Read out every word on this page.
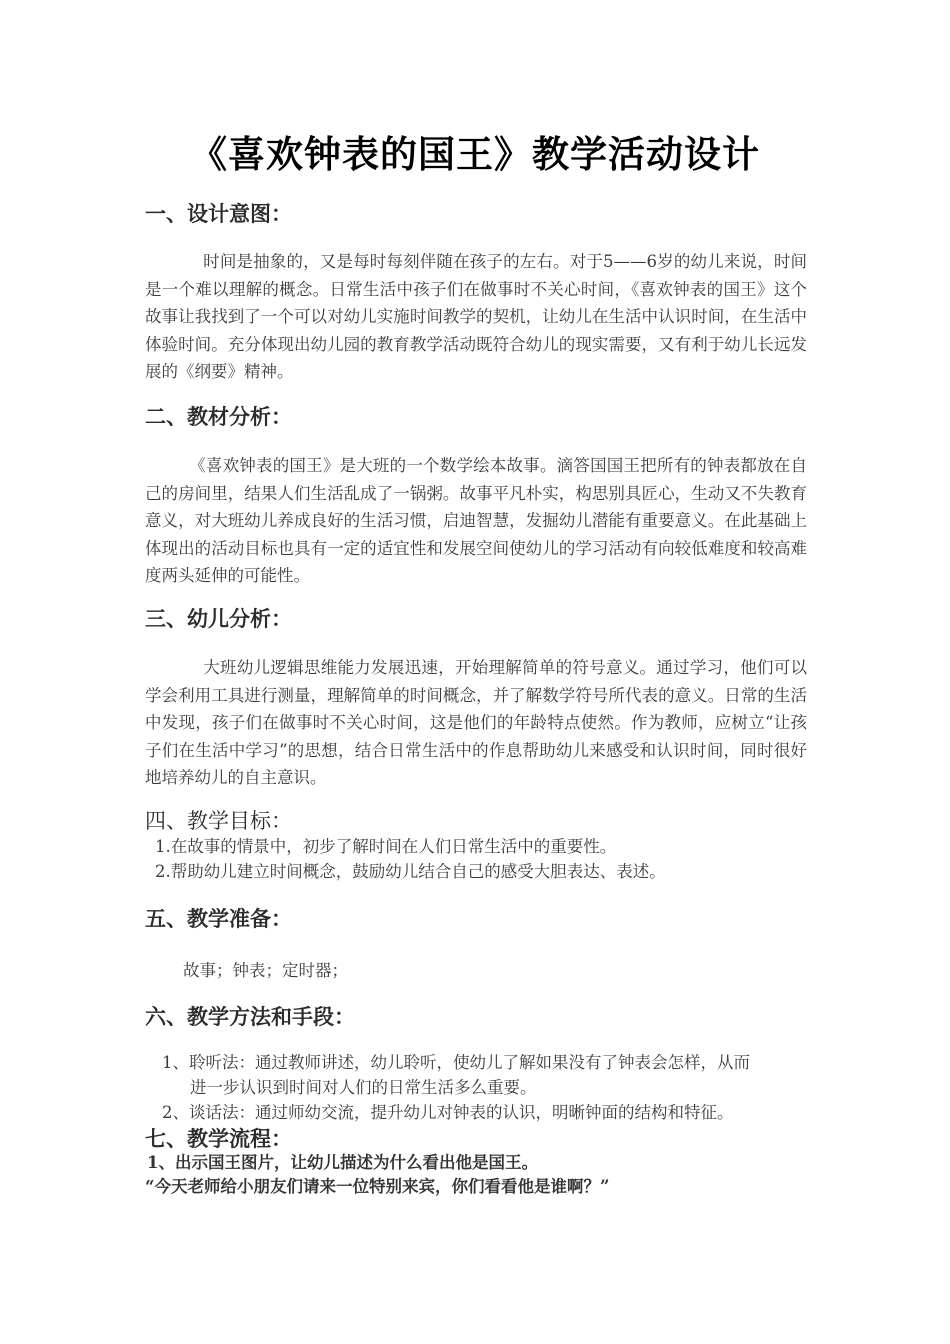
《喜欢钟表的国王》教学活动设计
一、设计意图：
时间是抽象的，又是每时每刻伴随在孩子的左右。对于5——6岁的幼儿来说，时间是一个难以理解的概念。日常生活中孩子们在做事时不关心时间，《喜欢钟表的国王》这个故事让我找到了一个可以对幼儿实施时间教学的契机，让幼儿在生活中认识时间，在生活中体验时间。充分体现出幼儿园的教育教学活动既符合幼儿的现实需要，又有利于幼儿长远发展的《纲要》精神。
二、教材分析：
《喜欢钟表的国王》是大班的一个数学绘本故事。滴答国国王把所有的钟表都放在自己的房间里，结果人们生活乱成了一锅粥。故事平凡朴实，构思别具匠心，生动又不失教育意义，对大班幼儿养成良好的生活习惯，启迪智慧，发掘幼儿潜能有重要意义。在此基础上体现出的活动目标也具有一定的适宜性和发展空间使幼儿的学习活动有向较低难度和较高难度两头延伸的可能性。
三、幼儿分析：
大班幼儿逻辑思维能力发展迅速，开始理解简单的符号意义。通过学习，他们可以学会利用工具进行测量，理解简单的时间概念，并了解数学符号所代表的意义。日常的生活中发现，孩子们在做事时不关心时间，这是他们的年龄特点使然。作为教师，应树立“让孩子们在生活中学习”的思想，结合日常生活中的作息帮助幼儿来感受和认识时间，同时很好地培养幼儿的自主意识。
四、教学目标：
1.在故事的情景中，初步了解时间在人们日常生活中的重要性。
2.帮助幼儿建立时间概念，鼓励幼儿结合自己的感受大胆表达、表述。
五、教学准备：
故事；钟表；定时器；
六、教学方法和手段：
1、聆听法：通过教师讲述，幼儿聆听，使幼儿了解如果没有了钟表会怎样，从而
进一步认识到时间对人们的日常生活多么重要。
2、谈话法：通过师幼交流，提升幼儿对钟表的认识，明晰钟面的结构和特征。
七、教学流程：
1、出示国王图片，让幼儿描述为什么看出他是国王。
“今天老师给小朋友们请来一位特别来宾，你们看看他是谁啊？”
